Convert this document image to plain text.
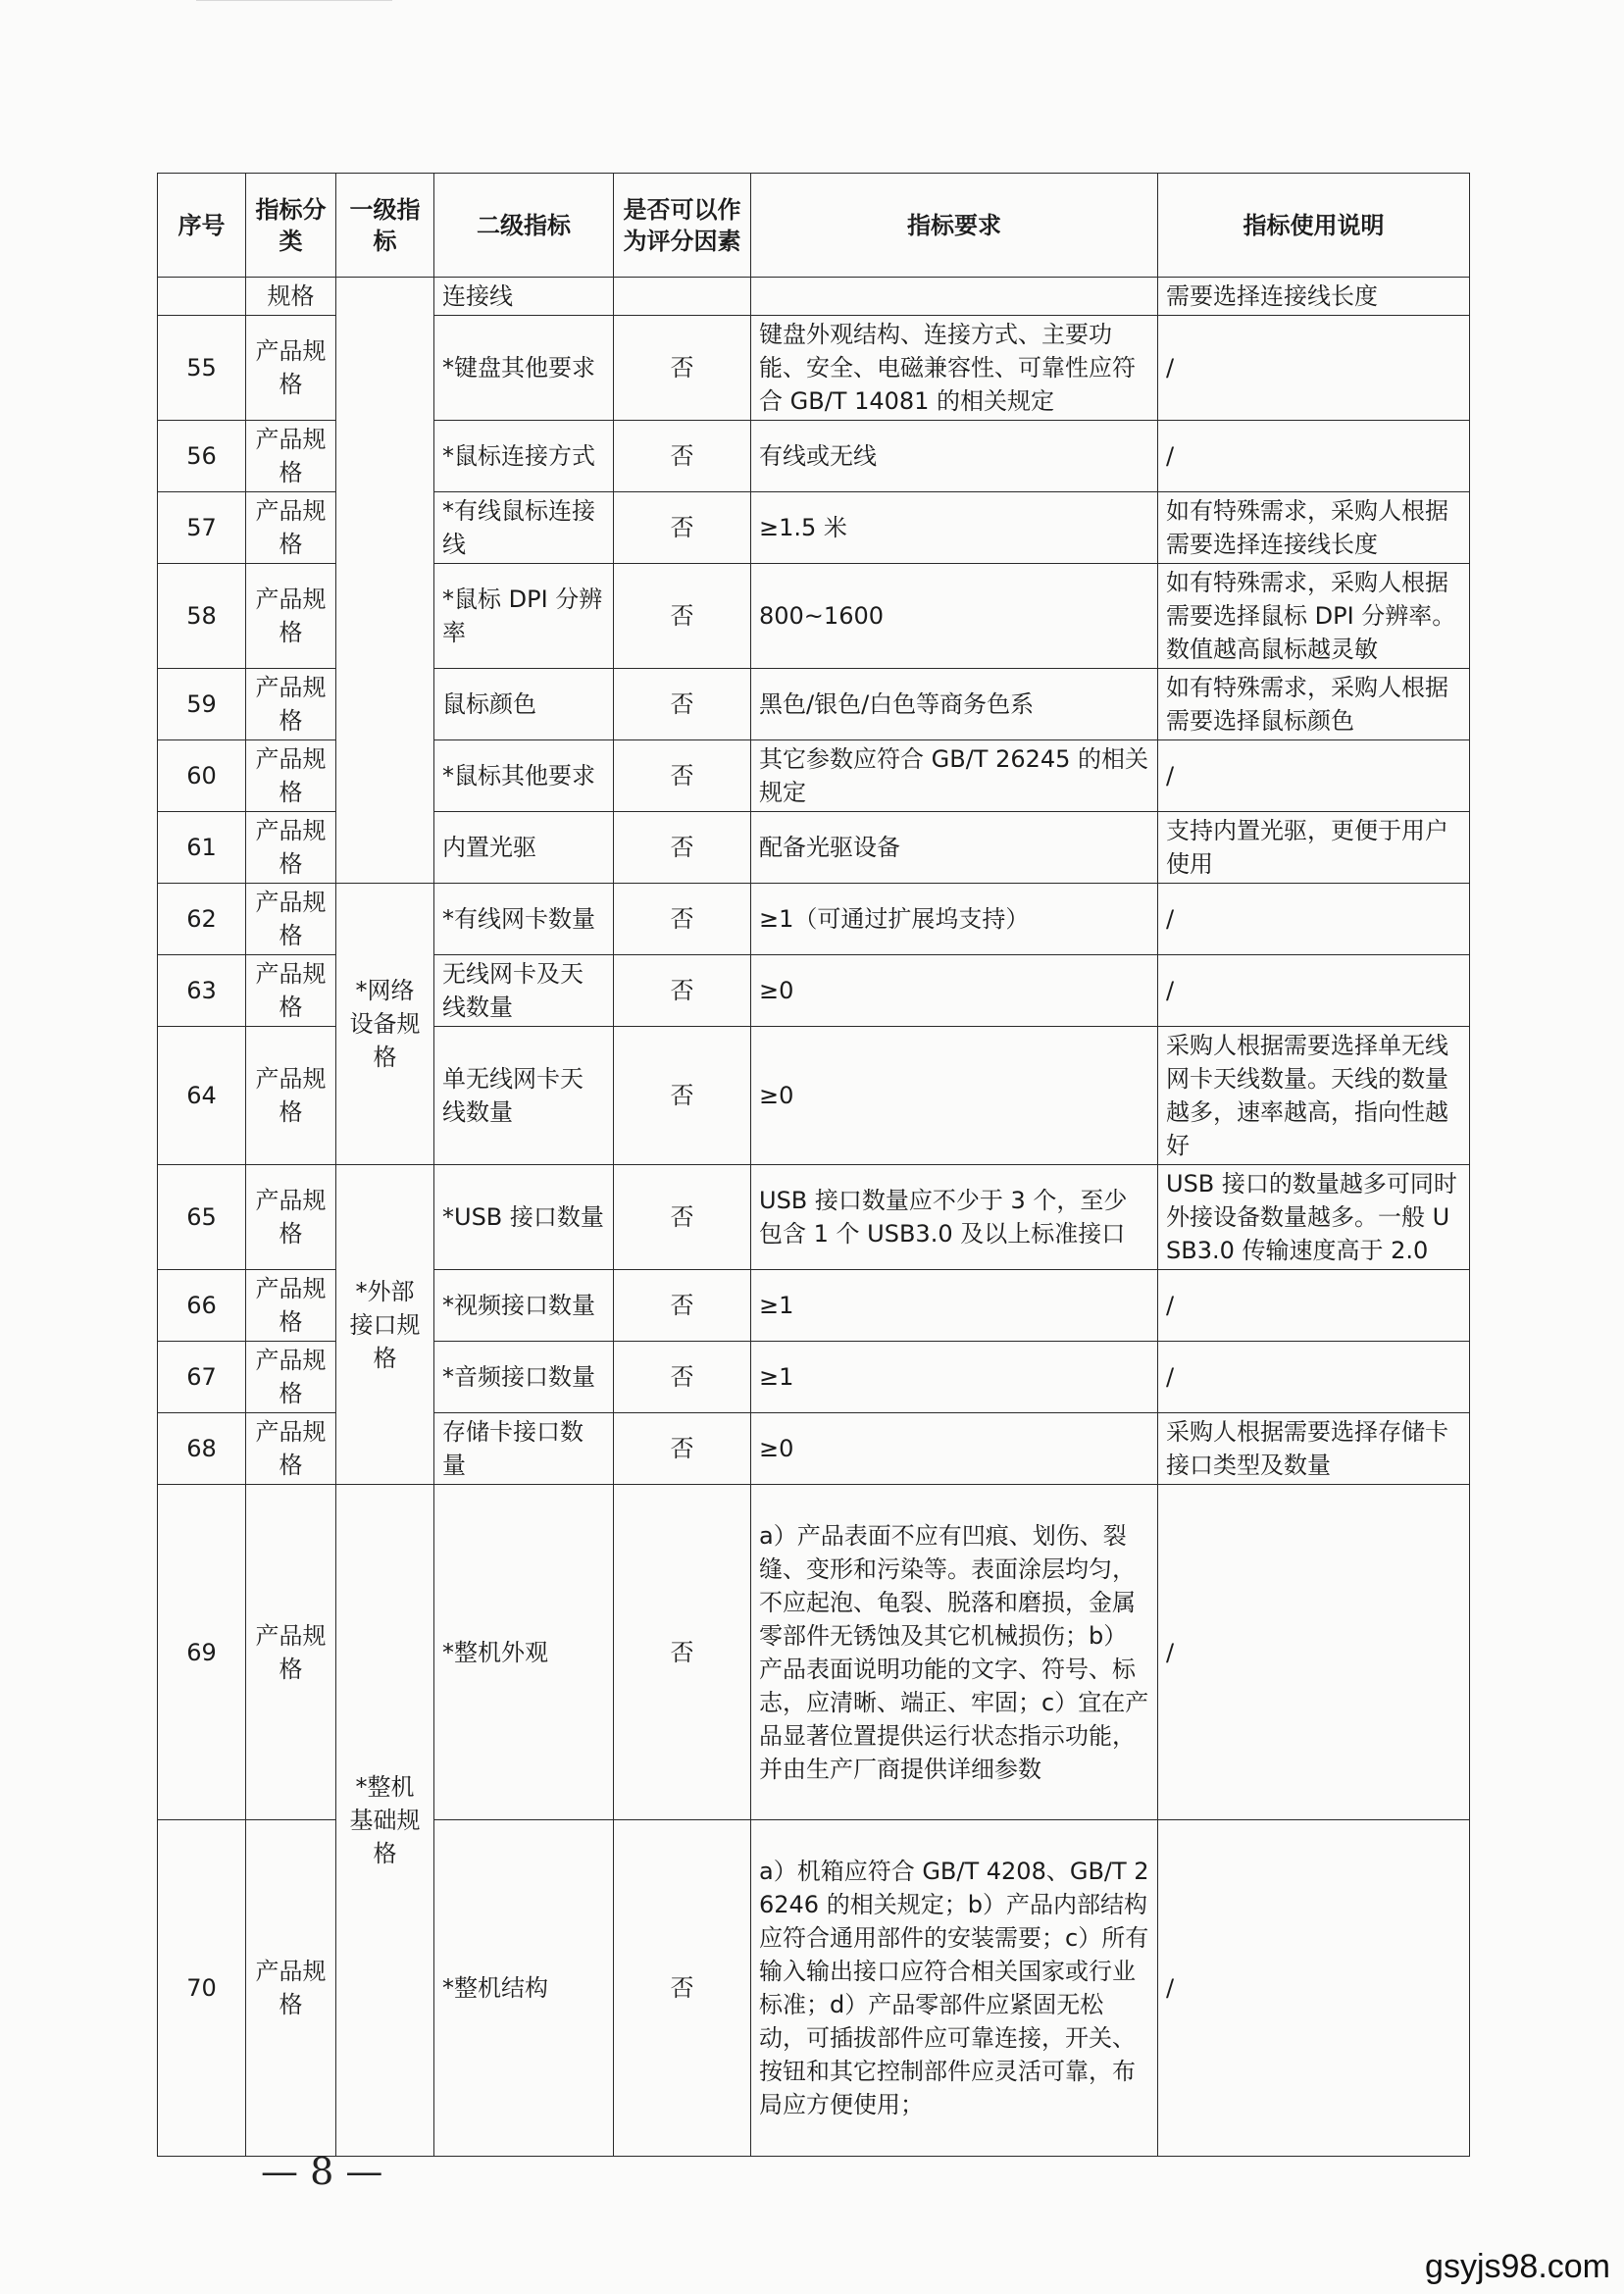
序号	指标分类	一级指标	二级指标	是否可以作为评分因素	指标要求	指标使用说明
	规格		连接线			需要选择连接线长度
55	产品规格		*键盘其他要求	否	键盘外观结构、连接方式、主要功能、安全、电磁兼容性、可靠性应符合 GB/T 14081 的相关规定	/
56	产品规格		*鼠标连接方式	否	有线或无线	/
57	产品规格		*有线鼠标连接线	否	≥1.5 米	如有特殊需求，采购人根据需要选择连接线长度
58	产品规格		*鼠标 DPI 分辨率	否	800~1600	如有特殊需求，采购人根据需要选择鼠标 DPI 分辨率。数值越高鼠标越灵敏
59	产品规格		鼠标颜色	否	黑色/银色/白色等商务色系	如有特殊需求，采购人根据需要选择鼠标颜色
60	产品规格		*鼠标其他要求	否	其它参数应符合 GB/T 26245 的相关规定	/
61	产品规格		内置光驱	否	配备光驱设备	支持内置光驱，更便于用户使用
62	产品规格	*网络设备规格	*有线网卡数量	否	≥1（可通过扩展坞支持）	/
63	产品规格		无线网卡及天线数量	否	≥0	/
64	产品规格		单无线网卡天线数量	否	≥0	采购人根据需要选择单无线网卡天线数量。天线的数量越多，速率越高，指向性越好
65	产品规格	*外部接口规格	*USB 接口数量	否	USB 接口数量应不少于 3 个，至少包含 1 个 USB3.0 及以上标准接口	USB 接口的数量越多可同时外接设备数量越多。一般 USB3.0 传输速度高于 2.0
66	产品规格		*视频接口数量	否	≥1	/
67	产品规格		*音频接口数量	否	≥1	/
68	产品规格		存储卡接口数量	否	≥0	采购人根据需要选择存储卡接口类型及数量
69	产品规格	*整机基础规格	*整机外观	否	a）产品表面不应有凹痕、划伤、裂缝、变形和污染等。表面涂层均匀，不应起泡、龟裂、脱落和磨损，金属零部件无锈蚀及其它机械损伤；b）产品表面说明功能的文字、符号、标志，应清晰、端正、牢固；c）宜在产品显著位置提供运行状态指示功能，并由生产厂商提供详细参数	/
70	产品规格		*整机结构	否	a）机箱应符合 GB/T 4208、GB/T 26246 的相关规定；b）产品内部结构应符合通用部件的安装需要；c）所有输入输出接口应符合相关国家或行业标准；d）产品零部件应紧固无松动，可插拔部件应可靠连接，开关、按钮和其它控制部件应灵活可靠，布局应方便使用；	/
— 8 —
gsyjs98.com
